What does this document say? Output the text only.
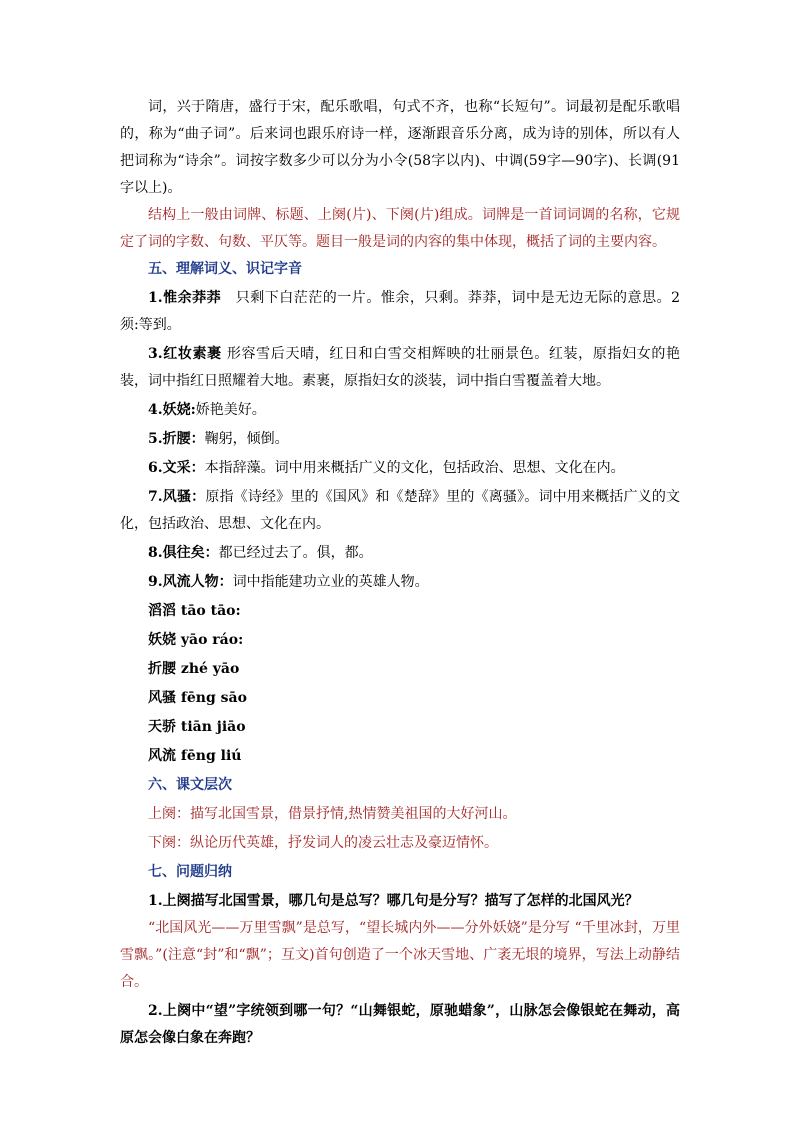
词，兴于隋唐，盛行于宋，配乐歌唱，句式不齐，也称“长短句”。词最初是配乐歌唱的，称为“曲子词”。后来词也跟乐府诗一样，逐渐跟音乐分离，成为诗的别体，所以有人把词称为“诗余”。词按字数多少可以分为小令(58字以内)、中调(59字—90字)、长调(91字以上)。

结构上一般由词牌、标题、上阕(片)、下阕(片)组成。词牌是一首词词调的名称，它规定了词的字数、句数、平仄等。题目一般是词的内容的集中体现，概括了词的主要内容。

五、理解词义、识记字音

1.惟余莽莽　只剩下白茫茫的一片。惟余，只剩。莽莽，词中是无边无际的意思。2须:等到。

3.红妆素裹 形容雪后天晴，红日和白雪交相辉映的壮丽景色。红装，原指妇女的艳装，词中指红日照耀着大地。素裹，原指妇女的淡装，词中指白雪覆盖着大地。

4.妖娆:娇艳美好。

5.折腰：鞠躬，倾倒。

6.文采：本指辞藻。词中用来概括广义的文化，包括政治、思想、文化在内。

7.风骚：原指《诗经》里的《国风》和《楚辞》里的《离骚》。词中用来概括广义的文化，包括政治、思想、文化在内。

8.俱往矣：都已经过去了。俱，都。

9.风流人物：词中指能建功立业的英雄人物。

滔滔 tāo tāo:

妖娆 yāo ráo:

折腰 zhé yāo

风骚 fēng sāo

天骄 tiān jiāo

风流 fēng liú

六、课文层次

上阕：描写北国雪景，借景抒情,热情赞美祖国的大好河山。

下阕：纵论历代英雄，抒发词人的凌云壮志及豪迈情怀。

七、问题归纳

1.上阕描写北国雪景，哪几句是总写？哪几句是分写？描写了怎样的北国风光？

“北国风光——万里雪飘”是总写，“望长城内外——分外妖娆”是分写 “千里冰封，万里雪飘。”(注意“封”和“飘”；互文)首句创造了一个冰天雪地、广袤无垠的境界，写法上动静结合。

2.上阕中“望”字统领到哪一句？“山舞银蛇，原驰蜡象”，山脉怎会像银蛇在舞动，高原怎会像白象在奔跑？
